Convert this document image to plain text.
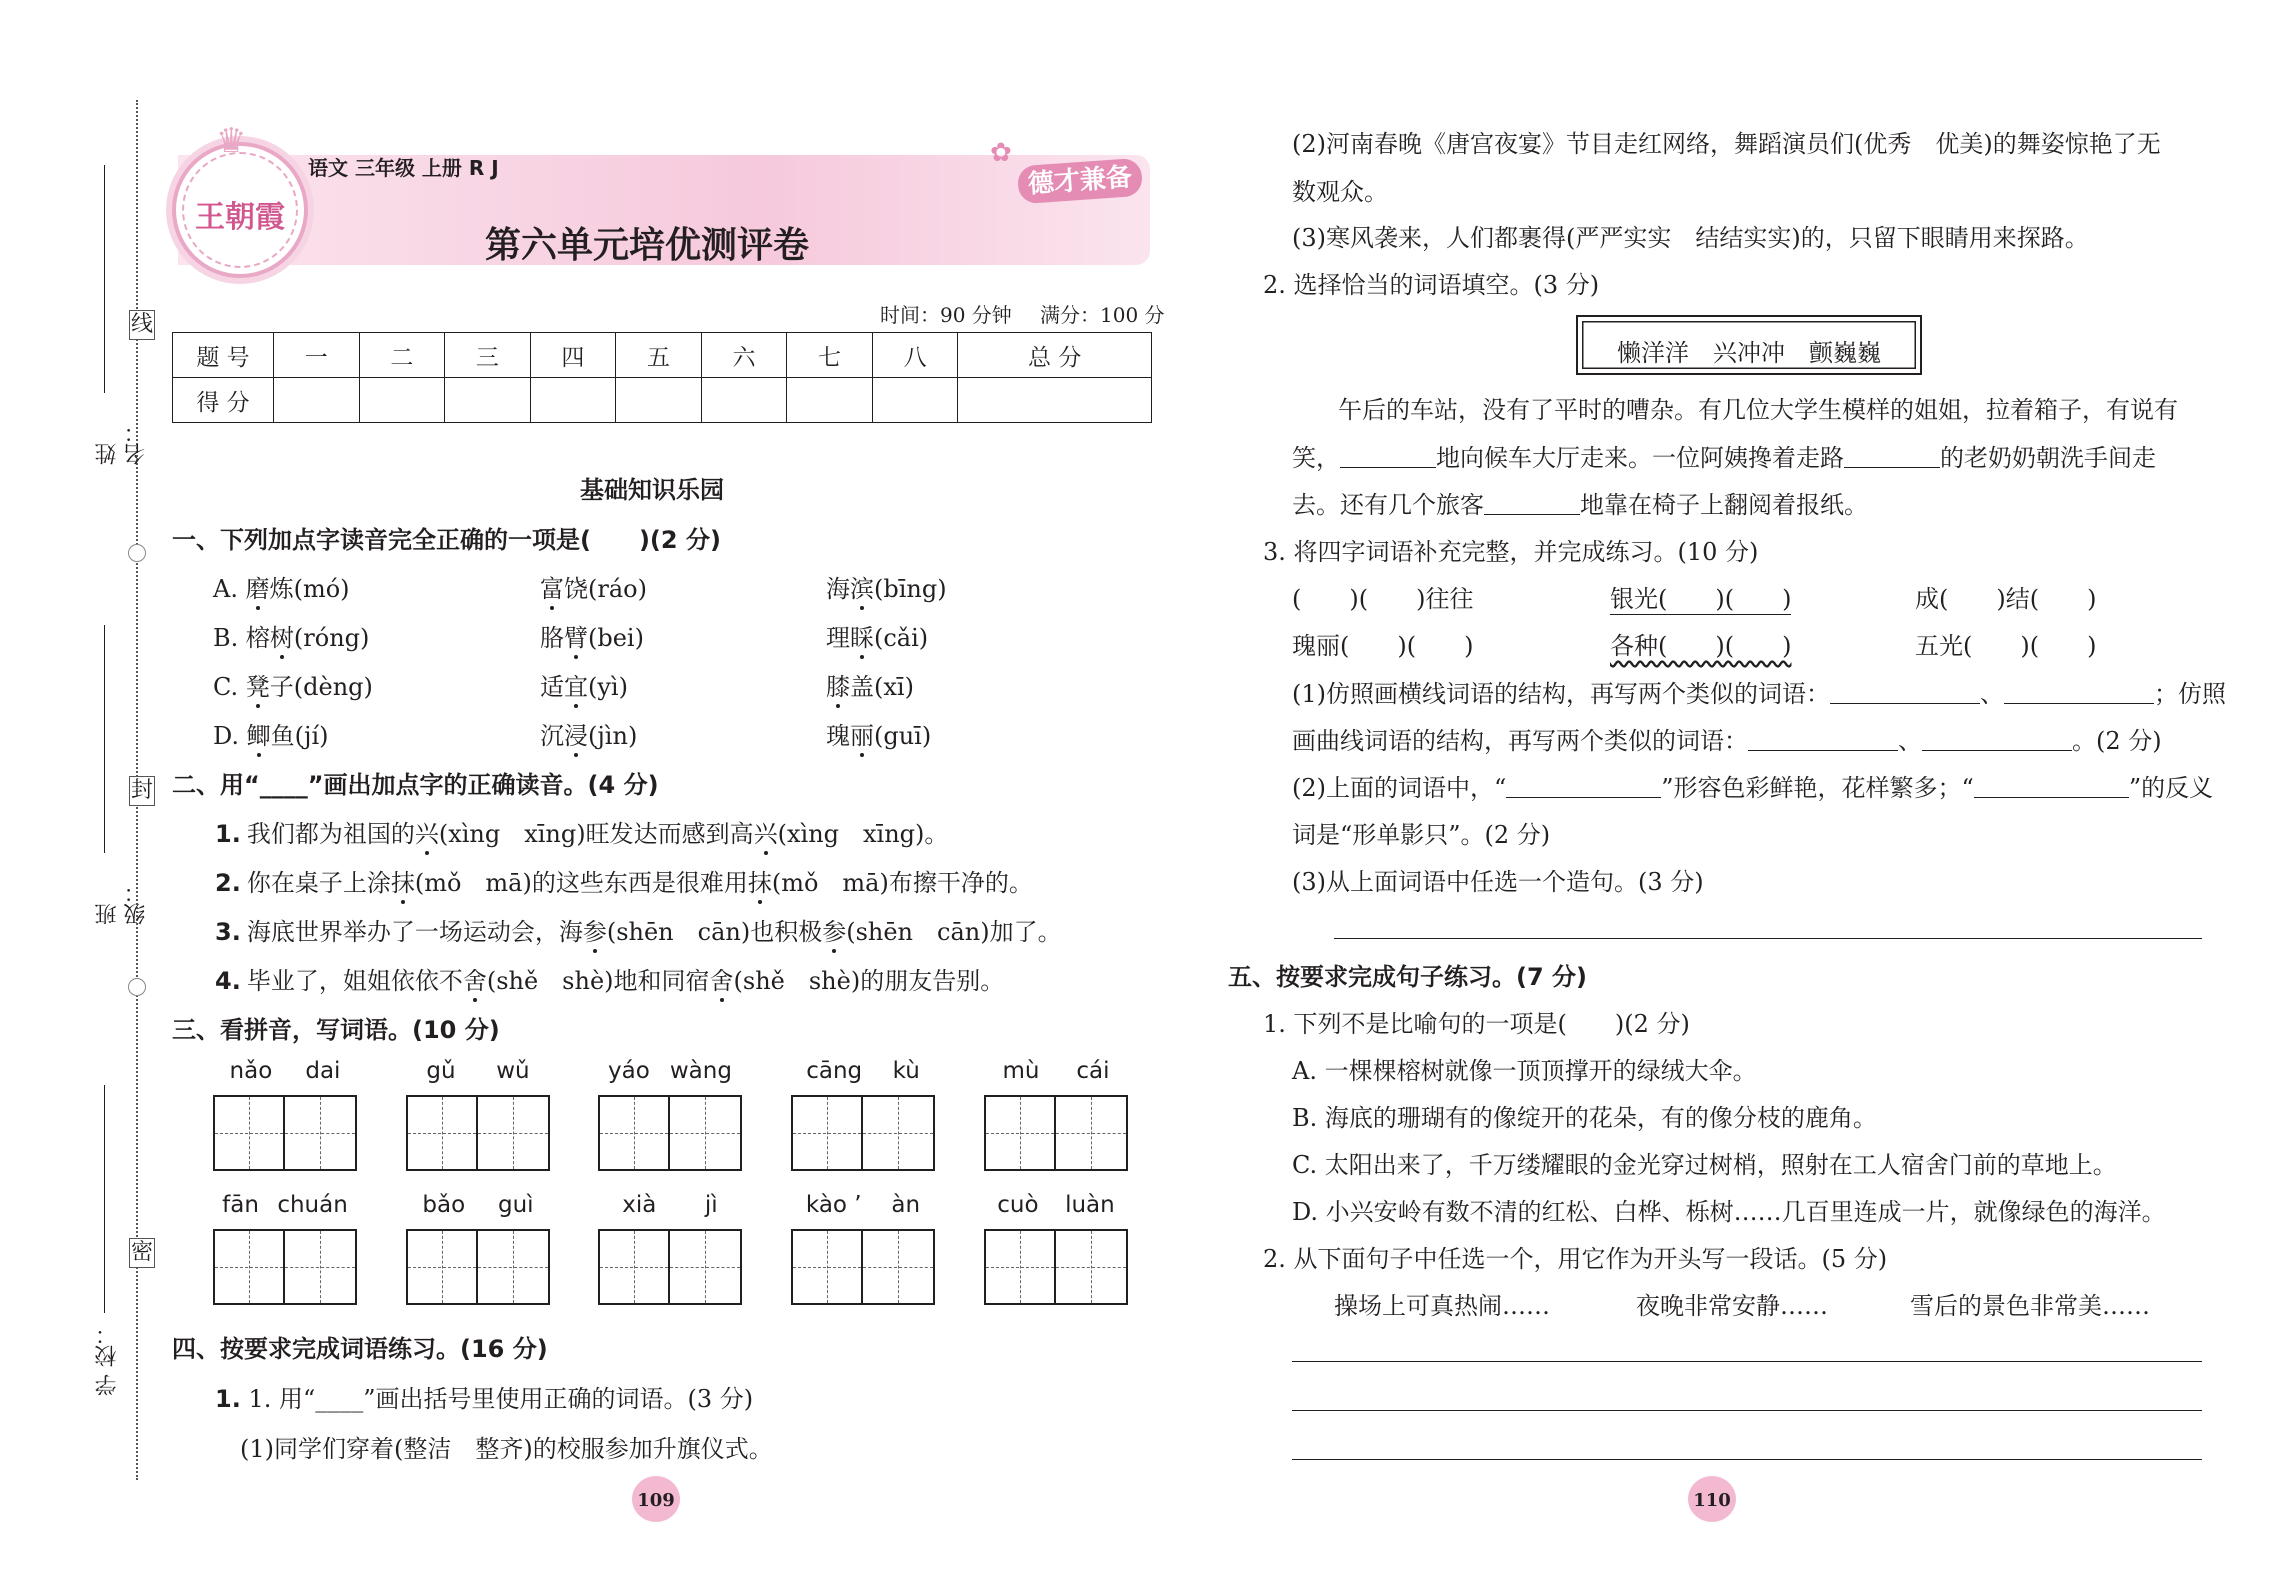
线
封
密
姓 名：
班 级：
学 校：
王朝霞
♛
语文 三年级 上册 R J
第六单元培优测评卷
德才兼备
✿
时间：90 分钟 满分：100 分
题 号	一	二	三	四	五	六	七	八	总 分
得 分									
基础知识乐园
一、下列加点字读音完全正确的一项是(　　)(2 分)
A. 磨炼(mó)	富饶(ráo)	海滨(bīng)
B. 榕树(róng)	胳臂(bei)	理睬(cǎi)
C. 凳子(dèng)	适宜(yì)	膝盖(xī)
D. 鲫鱼(jí)	沉浸(jìn)	瑰丽(guī)
二、用“____”画出加点字的正确读音。(4 分)
1. 我们都为祖国的兴(xìng　xīng)旺发达而感到高兴(xìng　xīng)。
2. 你在桌子上涂抹(mǒ　mā)的这些东西是很难用抹(mǒ　mā)布擦干净的。
3. 海底世界举办了一场运动会，海参(shēn　cān)也积极参(shēn　cān)加了。
4. 毕业了，姐姐依依不舍(shě　shè)地和同宿舍(shě　shè)的朋友告别。
三、看拼音，写词语。(10 分)
nǎo dai	gǔ wǔ	yáo wàng	cāng kù	mù cái
fān chuán	bǎo guì	xià jì	kào ’ àn	cuò luàn
四、按要求完成词语练习。(16 分)
1. 1. 用“____”画出括号里使用正确的词语。(3 分)
(1)同学们穿着(整洁　整齐)的校服参加升旗仪式。
109
(2)河南春晚《唐宫夜宴》节目走红网络，舞蹈演员们(优秀　优美)的舞姿惊艳了无
数观众。
(3)寒风袭来，人们都裹得(严严实实　结结实实)的，只留下眼睛用来探路。
2. 选择恰当的词语填空。(3 分)
懒洋洋　兴冲冲　颤巍巍
午后的车站，没有了平时的嘈杂。有几位大学生模样的姐姐，拉着箱子，有说有
笑，	地向候车大厅走来。一位阿姨搀着走路	的老奶奶朝洗手间走
去。还有几个旅客	地靠在椅子上翻阅着报纸。
3. 将四字词语补充完整，并完成练习。(10 分)
(　　)(　　)往往	银光(　　)(　　)	成(　　)结(　　)
瑰丽(　　)(　　)	各种(　　)(　　)	五光(　　)(　　)
(1)仿照画横线词语的结构，再写两个类似的词语：	、	；仿照
画曲线词语的结构，再写两个类似的词语：	、	。(2 分)
(2)上面的词语中，“	”形容色彩鲜艳，花样繁多；“	”的反义
词是“形单影只”。(2 分)
(3)从上面词语中任选一个造句。(3 分)
五、按要求完成句子练习。(7 分)
1. 下列不是比喻句的一项是(　　)(2 分)
A. 一棵棵榕树就像一顶顶撑开的绿绒大伞。
B. 海底的珊瑚有的像绽开的花朵，有的像分枝的鹿角。
C. 太阳出来了，千万缕耀眼的金光穿过树梢，照射在工人宿舍门前的草地上。
D. 小兴安岭有数不清的红松、白桦、栎树……几百里连成一片，就像绿色的海洋。
2. 从下面句子中任选一个，用它作为开头写一段话。(5 分)
操场上可真热闹……	夜晚非常安静……	雪后的景色非常美……
110
